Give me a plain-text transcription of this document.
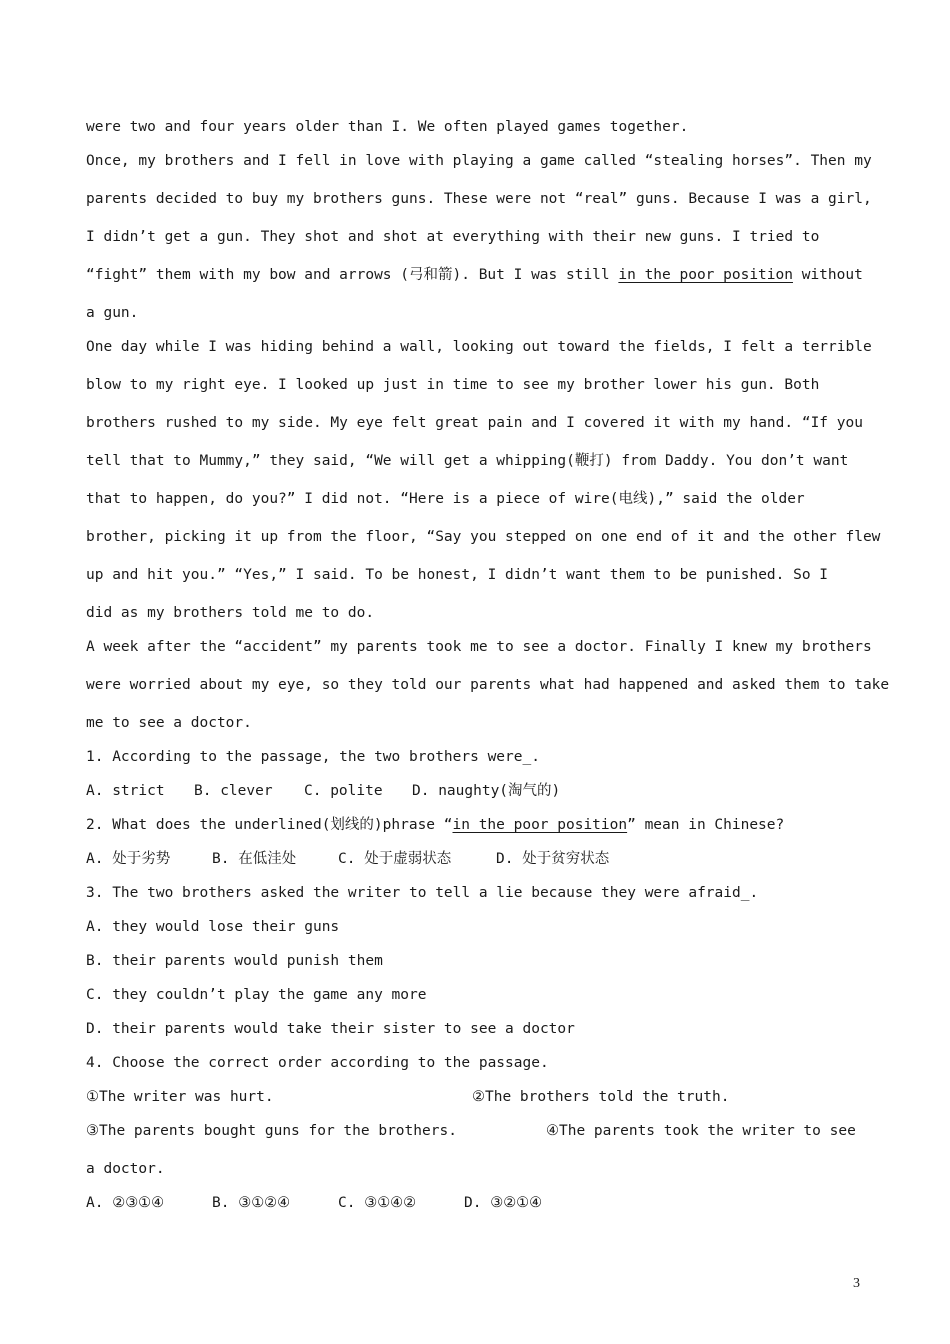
were two and four years older than I. We often played games together.
Once, my brothers and I fell in love with playing a game called “stealing horses”. Then my
parents decided to buy my brothers guns. These were not “real” guns. Because I was a girl,
I didn’t get a gun. They shot and shot at everything with their new guns. I tried to
“fight” them with my bow and arrows (弓和箭). But I was still in the poor position without
a gun.
One day while I was hiding behind a wall, looking out toward the fields, I felt a terrible
blow to my right eye. I looked up just in time to see my brother lower his gun. Both
brothers rushed to my side. My eye felt great pain and I covered it with my hand. “If you
tell that to Mummy,” they said, “We will get a whipping(鞭打) from Daddy. You don’t want
that to happen, do you?” I did not. “Here is a piece of wire(电线),” said the older
brother, picking it up from the floor, “Say you stepped on one end of it and the other flew
up and hit you.” “Yes,” I said. To be honest, I didn’t want them to be punished. So I
did as my brothers told me to do.
A week after the “accident” my parents took me to see a doctor. Finally I knew my brothers
were worried about my eye, so they told our parents what had happened and asked them to take
me to see a doctor.
1. According to the passage, the two brothers were_.
A. strict	B. clever	C. polite	D. naughty(淘气的)
2. What does the underlined(划线的)phrase “in the poor position” mean in Chinese?
A. 处于劣势	B. 在低洼处	C. 处于虚弱状态	D. 处于贫穷状态
3. The two brothers asked the writer to tell a lie because they were afraid_.
A. they would lose their guns
B. their parents would punish them
C. they couldn’t play the game any more
D. their parents would take their sister to see a doctor
4. Choose the correct order according to the passage.
①The writer was hurt.	②The brothers told the truth.
③The parents bought guns for the brothers.	④The parents took the writer to see
a doctor.
A. ②③①④	B. ③①②④	C. ③①④②	D. ③②①④
3
